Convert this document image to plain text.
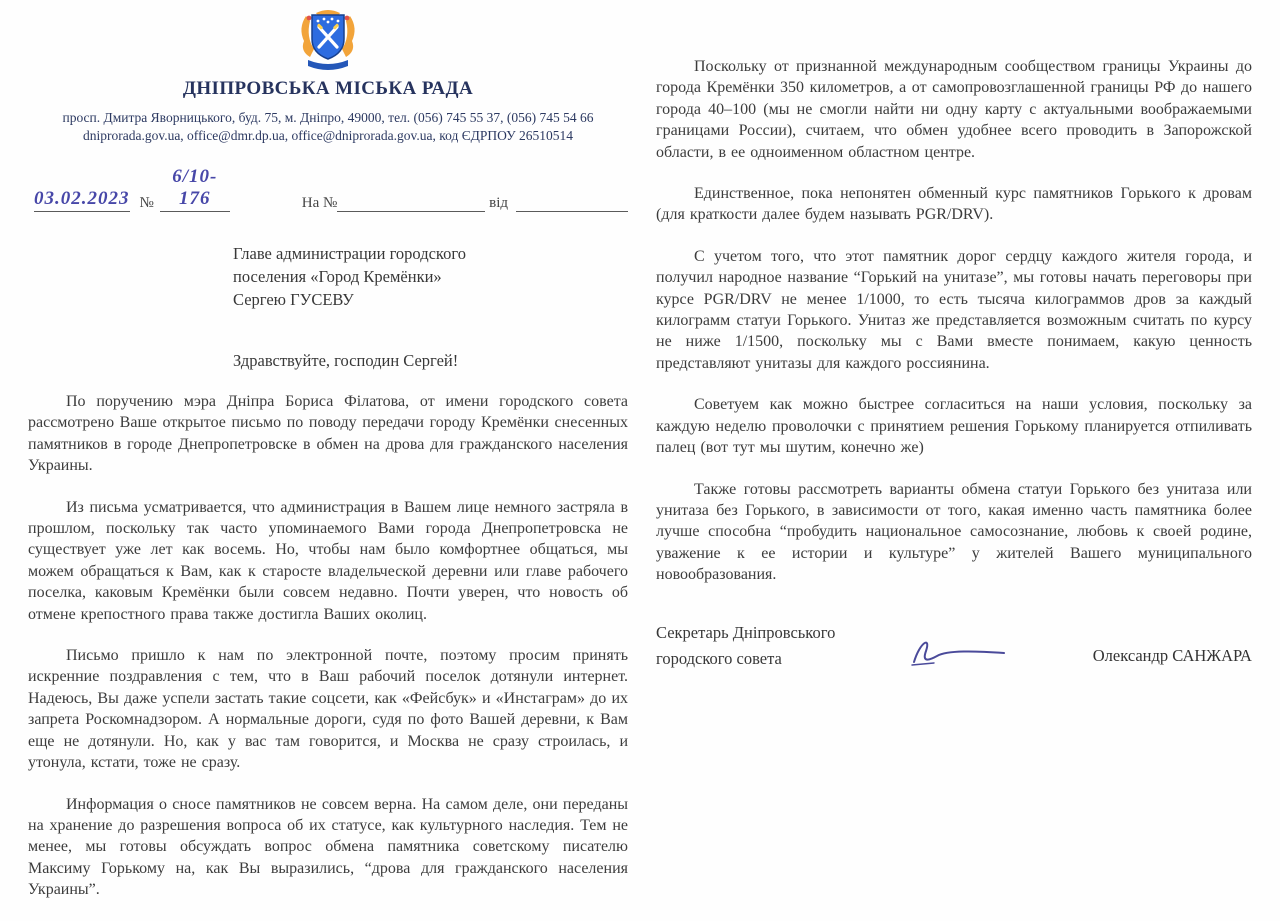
ДНІПРОВСЬКА МІСЬКА РАДА
просп. Дмитра Яворницького, буд. 75, м. Дніпро, 49000, тел. (056) 745 55 37, (056) 745 54 66
dniprorada.gov.ua, office@dmr.dp.ua, office@dniprorada.gov.ua, код ЄДРПОУ 26510514
03.02.2023 №
6/10-176	На №	від
Главе администрации городского
поселения «Город Кремёнки»
Сергею ГУСЕВУ
Здравствуйте, господин Сергей!

По поручению мэра Дніпра Бориса Філатова, от имени городского совета рассмотрено Ваше открытое письмо по поводу передачи городу Кремёнки снесенных памятников в городе Днепропетровске в обмен на дрова для гражданского населения Украины.

Из письма усматривается, что администрация в Вашем лице немного застряла в прошлом, поскольку так часто упоминаемого Вами города Днепропетровска не существует уже лет как восемь. Но, чтобы нам было комфортнее общаться, мы можем обращаться к Вам, как к старосте владельческой деревни или главе рабочего поселка, каковым Кремёнки были совсем недавно. Почти уверен, что новость об отмене крепостного права также достигла Ваших околиц.

Письмо пришло к нам по электронной почте, поэтому просим принять искренние поздравления с тем, что в Ваш рабочий поселок дотянули интернет. Надеюсь, Вы даже успели застать такие соцсети, как «Фейсбук» и «Инстаграм» до их запрета Роскомнадзором. А нормальные дороги, судя по фото Вашей деревни, к Вам еще не дотянули. Но, как у вас там говорится, и Москва не сразу строилась, и утонула, кстати, тоже не сразу.

Информация о сносе памятников не совсем верна. На самом деле, они переданы на хранение до разрешения вопроса об их статусе, как культурного наследия. Тем не менее, мы готовы обсуждать вопрос обмена памятника советскому писателю Максиму Горькому на, как Вы выразились, “дрова для гражданского населения Украины”.

Поскольку от признанной международным сообществом границы Украины до города Кремёнки 350 километров, а от самопровозглашенной границы РФ до нашего города 40–100 (мы не смогли найти ни одну карту с актуальными воображаемыми границами России), считаем, что обмен удобнее всего проводить в Запорожской области, в ее одноименном областном центре.

Единственное, пока непонятен обменный курс памятников Горького к дровам (для краткости далее будем называть PGR/DRV).

С учетом того, что этот памятник дорог сердцу каждого жителя города, и получил народное название “Горький на унитазе”, мы готовы начать переговоры при курсе PGR/DRV не менее 1/1000, то есть тысяча килограммов дров за каждый килограмм статуи Горького. Унитаз же представляется возможным считать по курсу не ниже 1/1500, поскольку мы с Вами вместе понимаем, какую ценность представляют унитазы для каждого россиянина.

Советуем как можно быстрее согласиться на наши условия, поскольку за каждую неделю проволочки с принятием решения Горькому планируется отпиливать палец (вот тут мы шутим, конечно же)

Также готовы рассмотреть варианты обмена статуи Горького без унитаза или унитаза без Горького, в зависимости от того, какая именно часть памятника более лучше способна “пробудить национальное самосознание, любовь к своей родине, уважение к ее истории и культуре” у жителей Вашего муниципального новообразования.

Секретарь Дніпровського
городского совета	Олександр САНЖАРА
